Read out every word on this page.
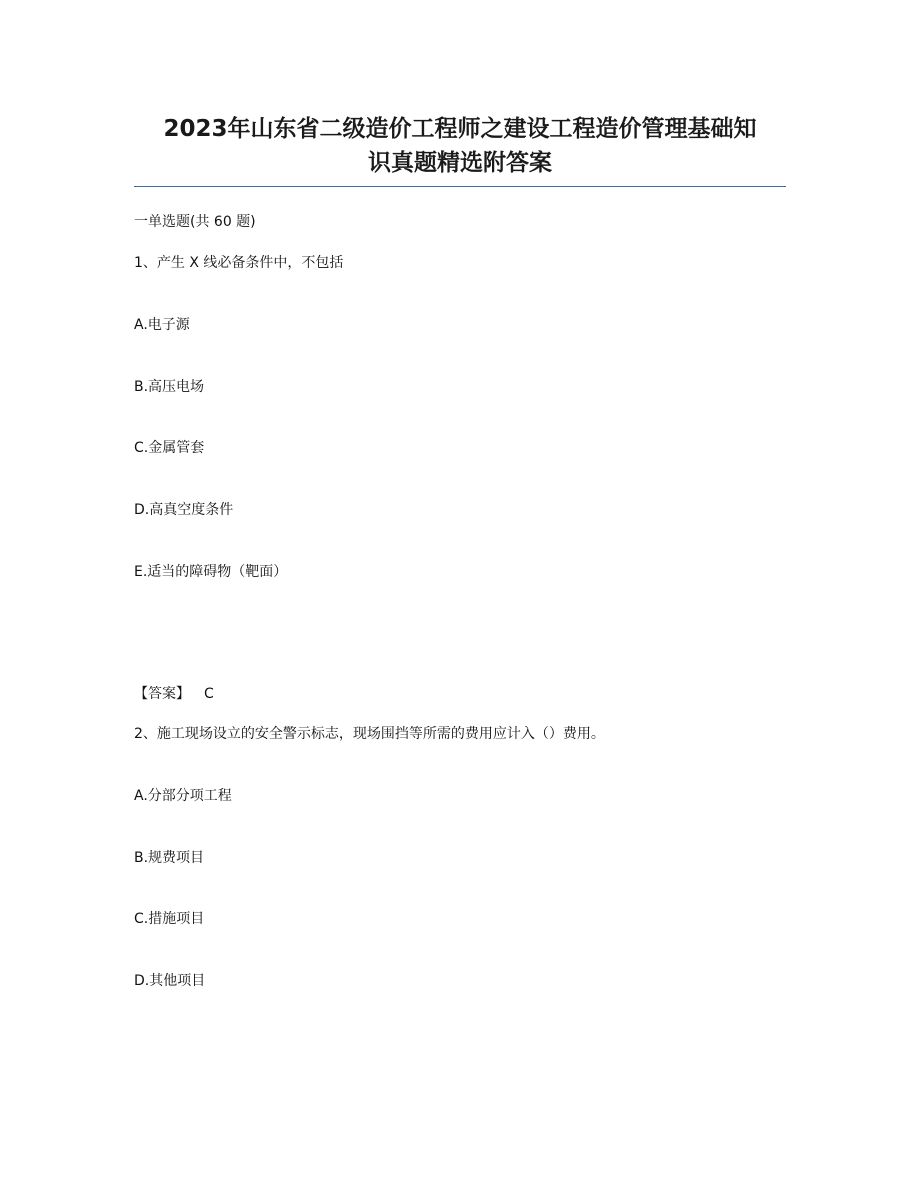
2023年山东省二级造价工程师之建设工程造价管理基础知
识真题精选附答案
一单选题(共 60 题)
1、产生 X 线必备条件中，不包括
A.电子源
B.高压电场
C.金属管套
D.高真空度条件
E.适当的障碍物（靶面）
【答案】 C
2、施工现场设立的安全警示标志，现场围挡等所需的费用应计入（）费用。
A.分部分项工程
B.规费项目
C.措施项目
D.其他项目
